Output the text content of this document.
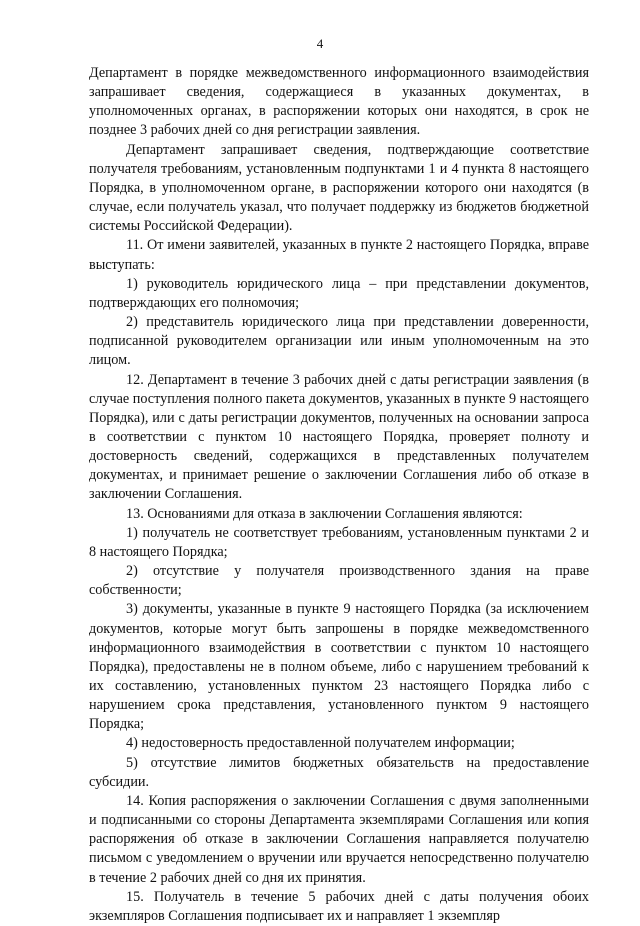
4

Департамент в порядке межведомственного информационного взаимодействия запрашивает сведения, содержащиеся в указанных документах, в уполномоченных органах, в распоряжении которых они находятся, в срок не позднее 3 рабочих дней со дня регистрации заявления.

Департамент запрашивает сведения, подтверждающие соответствие получателя требованиям, установленным подпунктами 1 и 4 пункта 8 настоящего Порядка, в уполномоченном органе, в распоряжении которого они находятся (в случае, если получатель указал, что получает поддержку из бюджетов бюджетной системы Российской Федерации).

11. От имени заявителей, указанных в пункте 2 настоящего Порядка, вправе выступать:

1) руководитель юридического лица – при представлении документов, подтверждающих его полномочия;

2) представитель юридического лица при представлении доверенности, подписанной руководителем организации или иным уполномоченным на это лицом.

12. Департамент в течение 3 рабочих дней с даты регистрации заявления (в случае поступления полного пакета документов, указанных в пункте 9 настоящего Порядка), или с даты регистрации документов, полученных на основании запроса в соответствии с пунктом 10 настоящего Порядка, проверяет полноту и достоверность сведений, содержащихся в представленных получателем документах, и принимает решение о заключении Соглашения либо об отказе в заключении Соглашения.

13. Основаниями для отказа в заключении Соглашения являются:

1) получатель не соответствует требованиям, установленным пунктами 2 и 8 настоящего Порядка;

2) отсутствие у получателя производственного здания на праве собственности;

3) документы, указанные в пункте 9 настоящего Порядка (за исключением документов, которые могут быть запрошены в порядке межведомственного информационного взаимодействия в соответствии с пунктом 10 настоящего Порядка), предоставлены не в полном объеме, либо с нарушением требований к их составлению, установленных пунктом 23 настоящего Порядка либо с нарушением срока представления, установленного пунктом 9 настоящего Порядка;

4) недостоверность предоставленной получателем информации;

5) отсутствие лимитов бюджетных обязательств на предоставление субсидии.

14. Копия распоряжения о заключении Соглашения с двумя заполненными и подписанными со стороны Департамента экземплярами Соглашения или копия распоряжения об отказе в заключении Соглашения направляется получателю письмом с уведомлением о вручении или вручается непосредственно получателю в течение 2 рабочих дней со дня их принятия.

15. Получатель в течение 5 рабочих дней с даты получения обоих экземпляров Соглашения подписывает их и направляет 1 экземпляр
